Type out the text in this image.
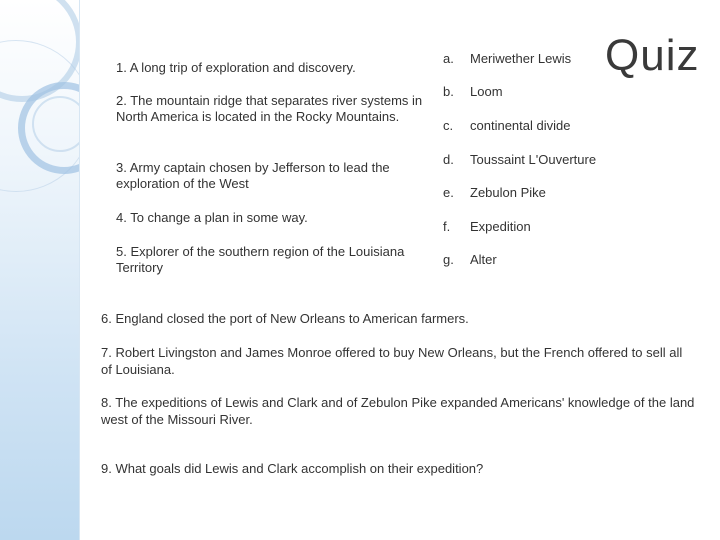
Quiz

1. A long trip of exploration and discovery.

2. The mountain ridge that separates river systems in North America is located in the Rocky Mountains.

3. Army captain chosen by Jefferson to lead the exploration of the West

4. To change a plan in some way.

5. Explorer of the southern region of the Louisiana Territory

a. Meriwether Lewis
b. Loom
c. continental divide
d. Toussaint L'Ouverture
e. Zebulon Pike
f. Expedition
g. Alter

6. England closed the port of New Orleans to American farmers.

7. Robert Livingston and James Monroe offered to buy New Orleans, but the French offered to sell all of Louisiana.

8. The expeditions of Lewis and Clark and of Zebulon Pike expanded Americans' knowledge of the land west of the Missouri River.

9. What goals did Lewis and Clark accomplish on their expedition?
